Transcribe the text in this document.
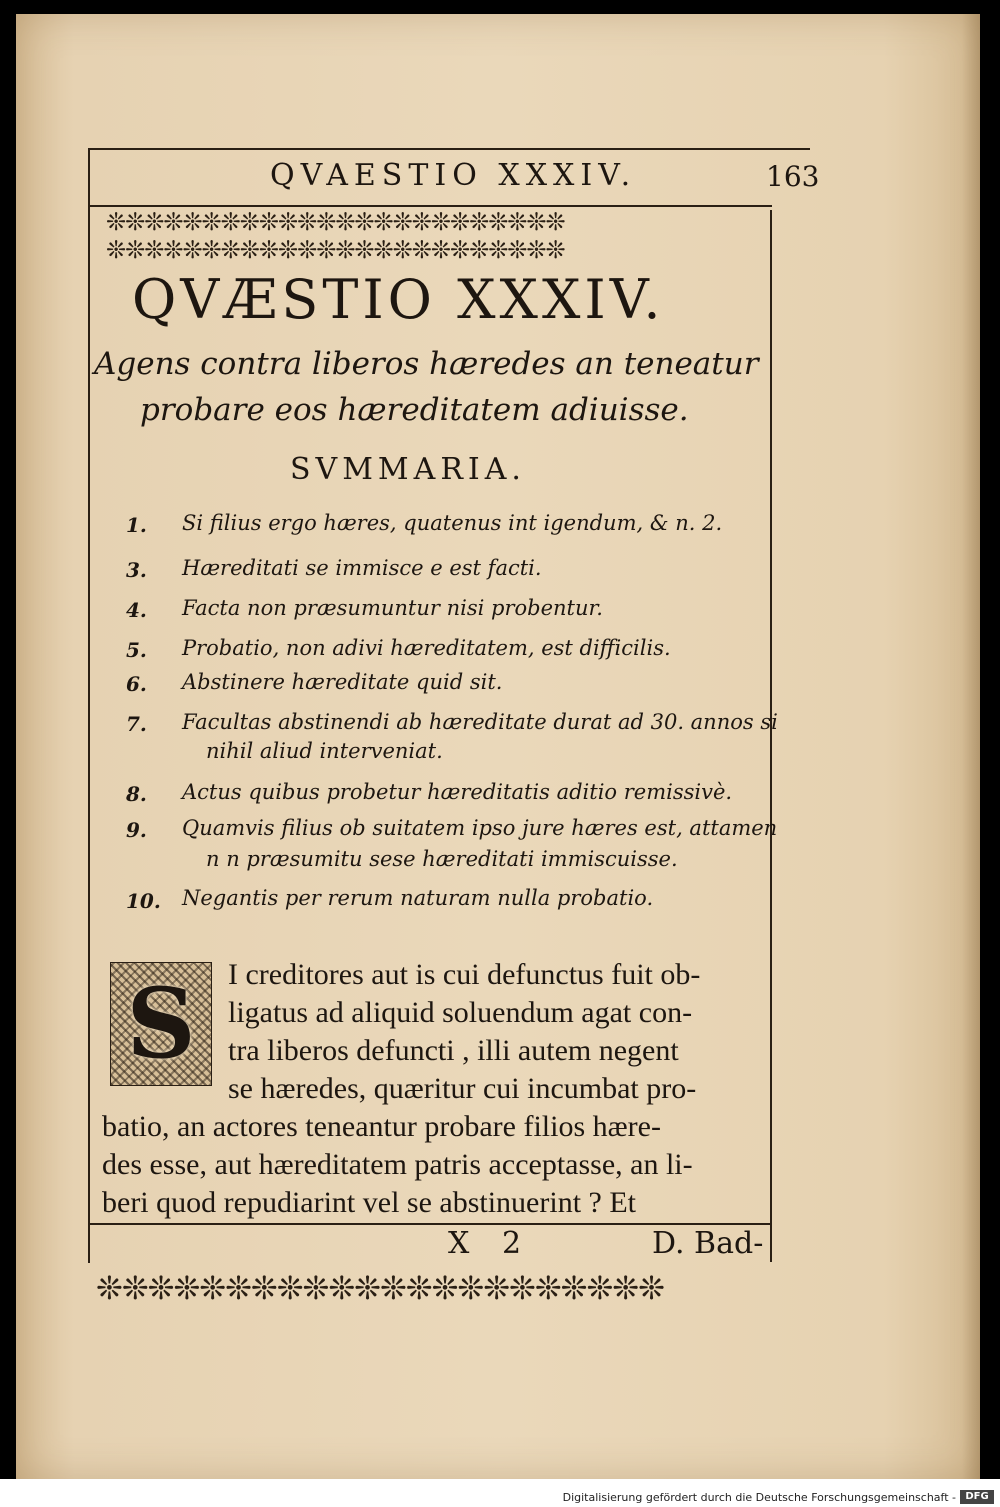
QVAESTIO XXXIV.	163
❊❊❊❊❊❊❊❊❊❊❊❊❊❊❊❊❊❊❊❊❊❊❊❊
❊❊❊❊❊❊❊❊❊❊❊❊❊❊❊❊❊❊❊❊❊❊❊❊
QVÆSTIO XXXIV.
Agens contra liberos hæredes an teneatur
probare eos hæreditatem adiuisse.
SVMMARIA.
1.	Si filius ergo hæres, quatenus int igendum, & n. 2.
3.	Hæreditati se immisce e est facti.
4.	Facta non præsumuntur nisi probentur.
5.	Probatio, non adivi hæreditatem, est difficilis.
6.	Abstinere hæreditate quid sit.
7.	Facultas abstinendi ab hæreditate durat ad 30. annos si
nihil aliud interveniat.
8.	Actus quibus probetur hæreditatis aditio remissivè.
9.	Quamvis filius ob suitatem ipso jure hæres est, attamen
n n præsumitu sese hæreditati immiscuisse.
10. Negantis per rerum naturam nulla probatio.
S	I creditores aut is cui defunctus fuit ob-
ligatus ad aliquid soluendum agat con-
tra liberos defuncti , illi autem negent
se hæredes, quæritur cui incumbat pro-
batio, an actores teneantur probare filios hære-
des esse, aut hæreditatem patris acceptasse, an li-
beri quod repudiarint vel se abstinuerint ? Et
X 2	D. Bad-
❊❊❊❊❊❊❊❊❊❊❊❊❊❊❊❊❊❊❊❊❊❊
Digitalisierung gefördert durch die Deutsche Forschungsgemeinschaft - DFG
